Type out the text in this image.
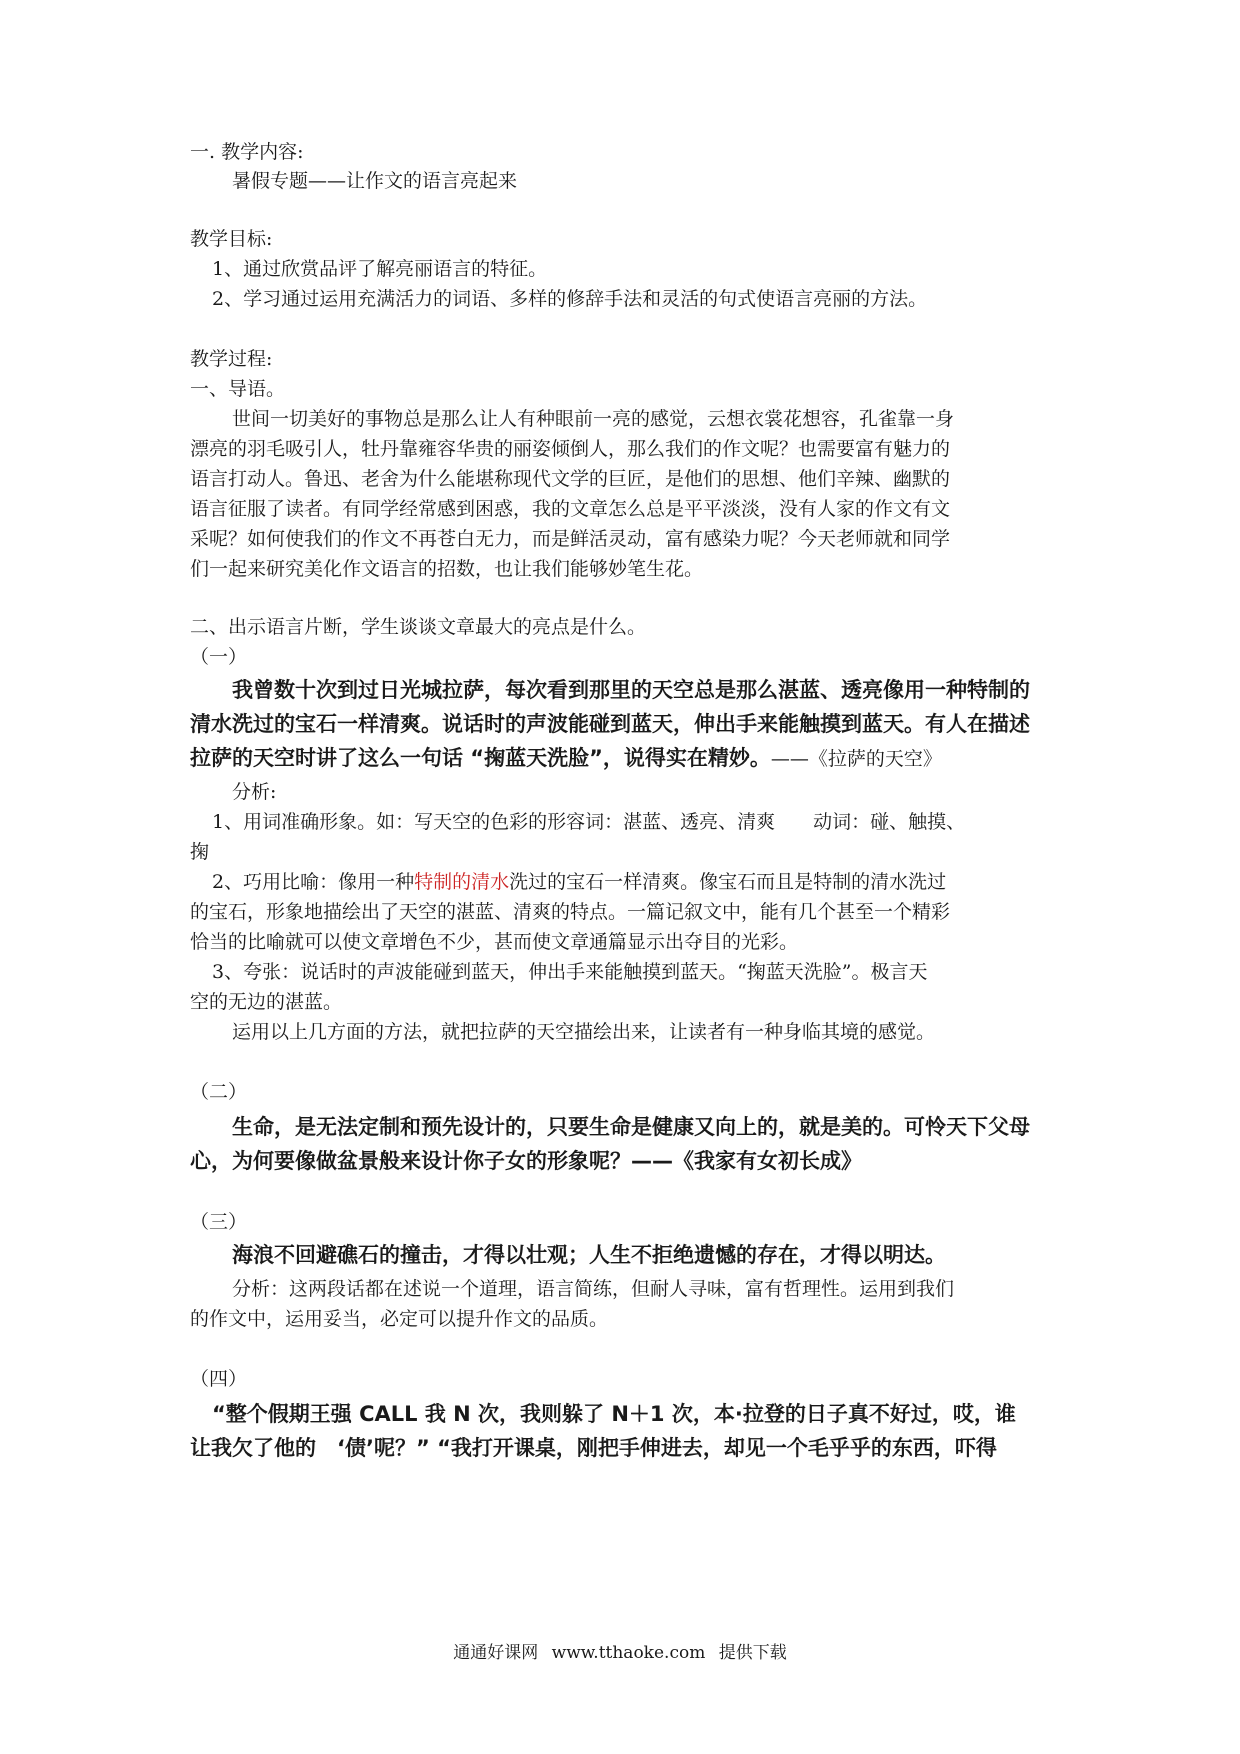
一. 教学内容:
暑假专题——让作文的语言亮起来
教学目标:
1、通过欣赏品评了解亮丽语言的特征。
2、学习通过运用充满活力的词语、多样的修辞手法和灵活的句式使语言亮丽的方法。
教学过程:
一、导语。
世间一切美好的事物总是那么让人有种眼前一亮的感觉，云想衣裳花想容，孔雀靠一身
漂亮的羽毛吸引人，牡丹靠雍容华贵的丽姿倾倒人，那么我们的作文呢？也需要富有魅力的
语言打动人。鲁迅、老舍为什么能堪称现代文学的巨匠，是他们的思想、他们辛辣、幽默的
语言征服了读者。有同学经常感到困惑，我的文章怎么总是平平淡淡，没有人家的作文有文
采呢？如何使我们的作文不再苍白无力，而是鲜活灵动，富有感染力呢？今天老师就和同学
们一起来研究美化作文语言的招数，也让我们能够妙笔生花。
二、出示语言片断，学生谈谈文章最大的亮点是什么。
（一）
我曾数十次到过日光城拉萨，每次看到那里的天空总是那么湛蓝、透亮像用一种特制的
清水洗过的宝石一样清爽。说话时的声波能碰到蓝天，伸出手来能触摸到蓝天。有人在描述
拉萨的天空时讲了这么一句话 “掬蓝天洗脸”，说得实在精妙。——《拉萨的天空》
分析:
1、用词准确形象。如：写天空的色彩的形容词：湛蓝、透亮、清爽　　动词：碰、触摸、
掬
2、巧用比喻：像用一种特制的清水洗过的宝石一样清爽。像宝石而且是特制的清水洗过
的宝石，形象地描绘出了天空的湛蓝、清爽的特点。一篇记叙文中，能有几个甚至一个精彩
恰当的比喻就可以使文章增色不少，甚而使文章通篇显示出夺目的光彩。
3、夸张：说话时的声波能碰到蓝天，伸出手来能触摸到蓝天。“掬蓝天洗脸”。极言天
空的无边的湛蓝。
运用以上几方面的方法，就把拉萨的天空描绘出来，让读者有一种身临其境的感觉。
（二）
生命，是无法定制和预先设计的，只要生命是健康又向上的，就是美的。可怜天下父母
心，为何要像做盆景般来设计你子女的形象呢？——《我家有女初长成》
（三）
海浪不回避礁石的撞击，才得以壮观；人生不拒绝遗憾的存在，才得以明达。
分析：这两段话都在述说一个道理，语言简练，但耐人寻味，富有哲理性。运用到我们
的作文中，运用妥当，必定可以提升作文的品质。
（四）
“整个假期王强 CALL 我 N 次，我则躲了 N＋1 次，本·拉登的日子真不好过，哎，谁
让我欠了他的　‘债’呢？” “我打开课桌，刚把手伸进去，却见一个毛乎乎的东西，吓得
通通好课网 www.tthaoke.com 提供下载
